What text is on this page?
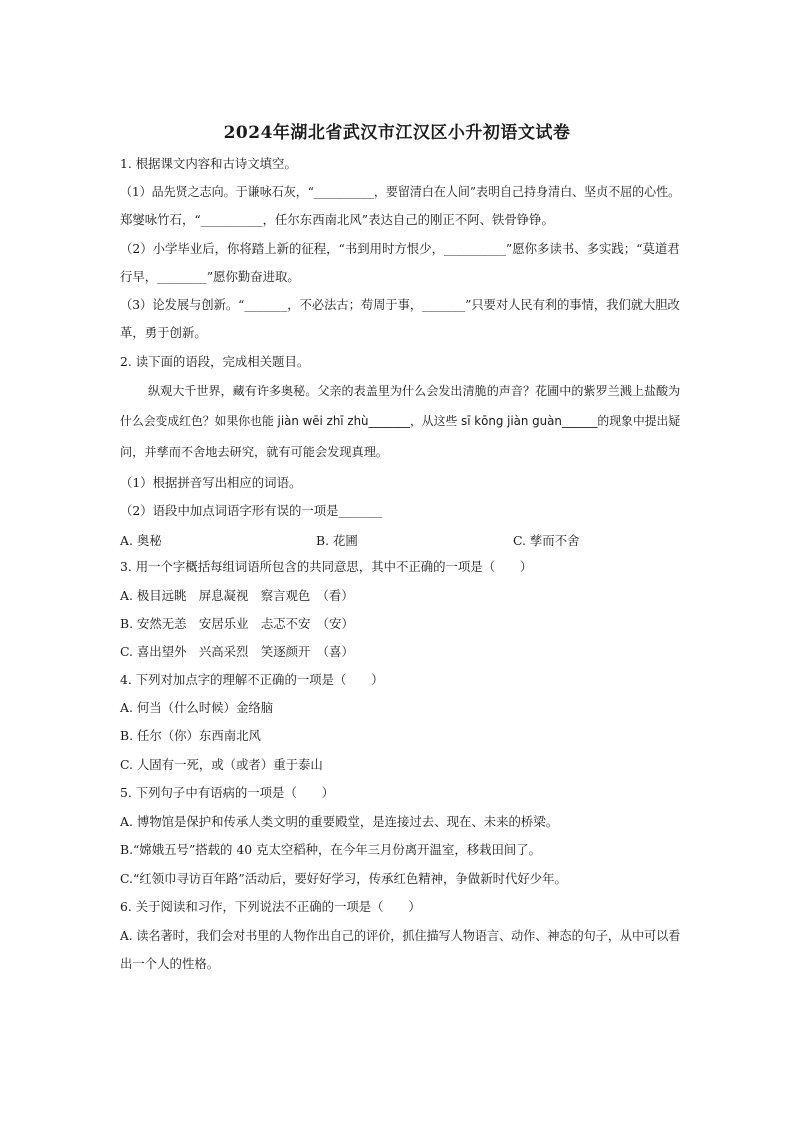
2024年湖北省武汉市江汉区小升初语文试卷
1. 根据课文内容和古诗文填空。
（1）品先贤之志向。于谦咏石灰，“__________，要留清白在人间”表明自己持身清白、坚贞不屈的心性。
郑燮咏竹石，“__________，任尔东西南北风”表达自己的刚正不阿、铁骨铮铮。
（2）小学毕业后，你将踏上新的征程，“书到用时方恨少，__________”愿你多读书、多实践；“莫道君
行早，________”愿你勤奋进取。
（3）论发展与创新。“_______，不必法古；苟周于事，_______”只要对人民有利的事情，我们就大胆改
革，勇于创新。
2. 读下面的语段，完成相关题目。
纵观大千世界，藏有许多奥秘。父亲的表盖里为什么会发出清脆的声音？花圃中的紫罗兰溅上盐酸为
什么会变成红色？如果你也能 jiàn wēi zhī zhù_______，从这些 sī kōng jiàn guàn______的现象中提出疑
问，并孳而不舍地去研究，就有可能会发现真理。
（1）根据拼音写出相应的词语。
（2）语段中加点词语字形有误的一项是_______
A. 奥秘	B. 花圃	C. 孳而不舍
3. 用一个字概括每组词语所包含的共同意思，其中不正确的一项是（　　）
A. 极目远眺　屏息凝视　察言观色　（看）
B. 安然无恙　安居乐业　忐忑不安　（安）
C. 喜出望外　兴高采烈　笑逐颜开　（喜）
4. 下列对加点字的理解不正确的一项是（　　）
A. 何当（什么时候）金络脑
B. 任尔（你）东西南北风
C. 人固有一死，或（或者）重于泰山
5. 下列句子中有语病的一项是（　　）
A. 博物馆是保护和传承人类文明的重要殿堂，是连接过去、现在、未来的桥梁。
B.“嫦娥五号”搭载的 40 克太空稻种，在今年三月份离开温室，移栽田间了。
C.“红领巾寻访百年路”活动后，要好好学习，传承红色精神，争做新时代好少年。
6. 关于阅读和习作，下列说法不正确的一项是（　　）
A. 读名著时，我们会对书里的人物作出自己的评价，抓住描写人物语言、动作、神态的句子，从中可以看
出一个人的性格。
